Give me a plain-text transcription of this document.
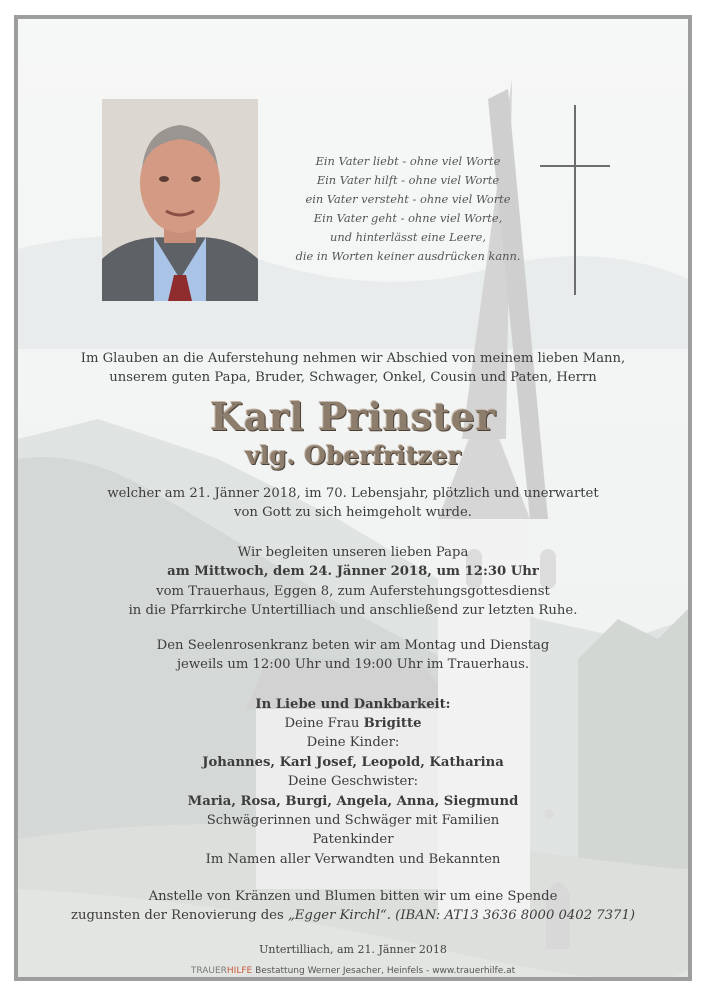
Ein Vater liebt - ohne viel Worte
Ein Vater hilft - ohne viel Worte
ein Vater versteht - ohne viel Worte
Ein Vater geht - ohne viel Worte,
und hinterlässt eine Leere,
die in Worten keiner ausdrücken kann.
Im Glauben an die Auferstehung nehmen wir Abschied von meinem lieben Mann,
unserem guten Papa, Bruder, Schwager, Onkel, Cousin und Paten, Herrn
Karl Prinster
vlg. Oberfritzer
welcher am 21. Jänner 2018, im 70. Lebensjahr, plötzlich und unerwartet
von Gott zu sich heimgeholt wurde.
Wir begleiten unseren lieben Papa
am Mittwoch, dem 24. Jänner 2018, um 12:30 Uhr
vom Trauerhaus, Eggen 8, zum Auferstehungsgottesdienst
in die Pfarrkirche Untertilliach und anschließend zur letzten Ruhe.
Den Seelenrosenkranz beten wir am Montag und Dienstag
jeweils um 12:00 Uhr und 19:00 Uhr im Trauerhaus.
In Liebe und Dankbarkeit:
Deine Frau Brigitte
Deine Kinder:
Johannes, Karl Josef, Leopold, Katharina
Deine Geschwister:
Maria, Rosa, Burgi, Angela, Anna, Siegmund
Schwägerinnen und Schwäger mit Familien
Patenkinder
Im Namen aller Verwandten und Bekannten
Anstelle von Kränzen und Blumen bitten wir um eine Spende
zugunsten der Renovierung des „Egger Kirchl“. (IBAN: AT13 3636 8000 0402 7371)
Untertilliach, am 21. Jänner 2018
TRAUERHILFE Bestattung Werner Jesacher, Heinfels - www.trauerhilfe.at
